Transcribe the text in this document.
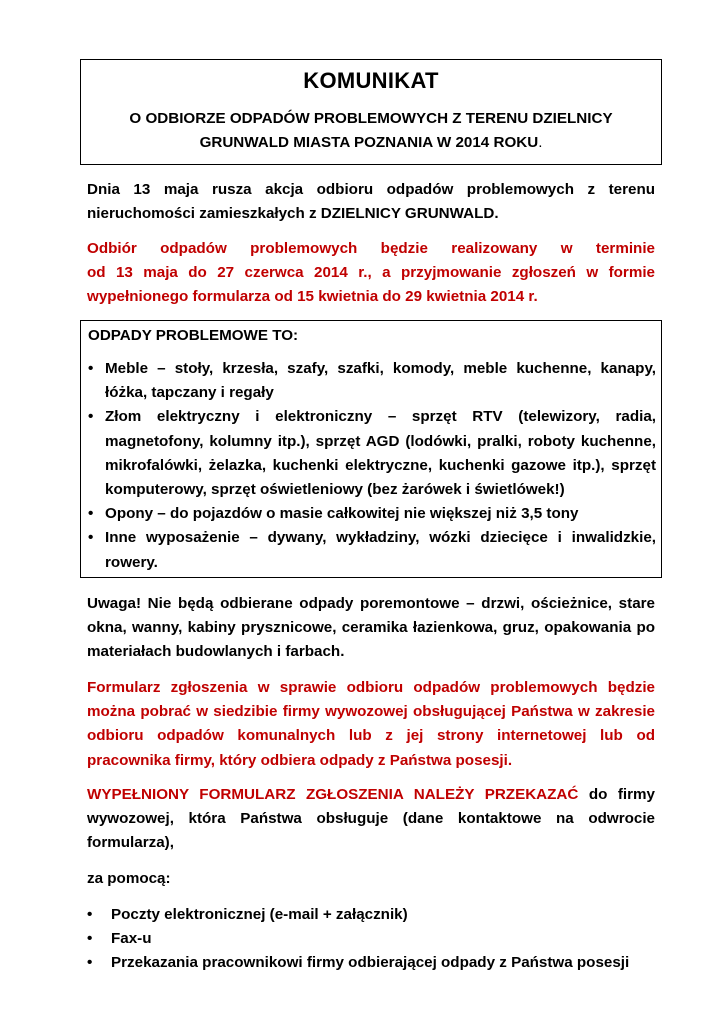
KOMUNIKAT
O ODBIORZE ODPADÓW PROBLEMOWYCH Z TERENU DZIELNICY
GRUNWALD MIASTA POZNANIA W 2014 ROKU.

Dnia 13 maja rusza akcja odbioru odpadów problemowych z terenu nieruchomości zamieszkałych z DZIELNICY GRUNWALD.

Odbiór odpadów problemowych będzie realizowany w terminie
od 13 maja do 27 czerwca 2014 r., a przyjmowanie zgłoszeń w formie
wypełnionego formularza od 15 kwietnia do 29 kwietnia 2014 r.
ODPADY PROBLEMOWE TO:
• Meble – stoły, krzesła, szafy, szafki, komody, meble kuchenne, kanapy, łóżka, tapczany i regały
• Złom elektryczny i elektroniczny – sprzęt RTV (telewizory, radia, magnetofony, kolumny itp.), sprzęt AGD (lodówki, pralki, roboty kuchenne, mikrofalówki, żelazka, kuchenki elektryczne, kuchenki gazowe itp.), sprzęt komputerowy, sprzęt oświetleniowy (bez żarówek i świetlówek!)
• Opony – do pojazdów o masie całkowitej nie większej niż 3,5 tony
• Inne wyposażenie – dywany, wykładziny, wózki dziecięce i inwalidzkie, rowery.

Uwaga! Nie będą odbierane odpady poremontowe – drzwi, ościeżnice, stare okna, wanny, kabiny prysznicowe, ceramika łazienkowa, gruz, opakowania po materiałach budowlanych i farbach.

Formularz zgłoszenia w sprawie odbioru odpadów problemowych będzie można pobrać w siedzibie firmy wywozowej obsługującej Państwa w zakresie odbioru odpadów komunalnych lub z jej strony internetowej lub od pracownika firmy, który odbiera odpady z Państwa posesji.

WYPEŁNIONY FORMULARZ ZGŁOSZENIA NALEŻY PRZEKAZAĆ do firmy wywozowej, która Państwa obsługuje (dane kontaktowe na odwrocie formularza),

za pomocą:

• Poczty elektronicznej (e-mail + załącznik)
• Fax-u
• Przekazania pracownikowi firmy odbierającej odpady z Państwa posesji
